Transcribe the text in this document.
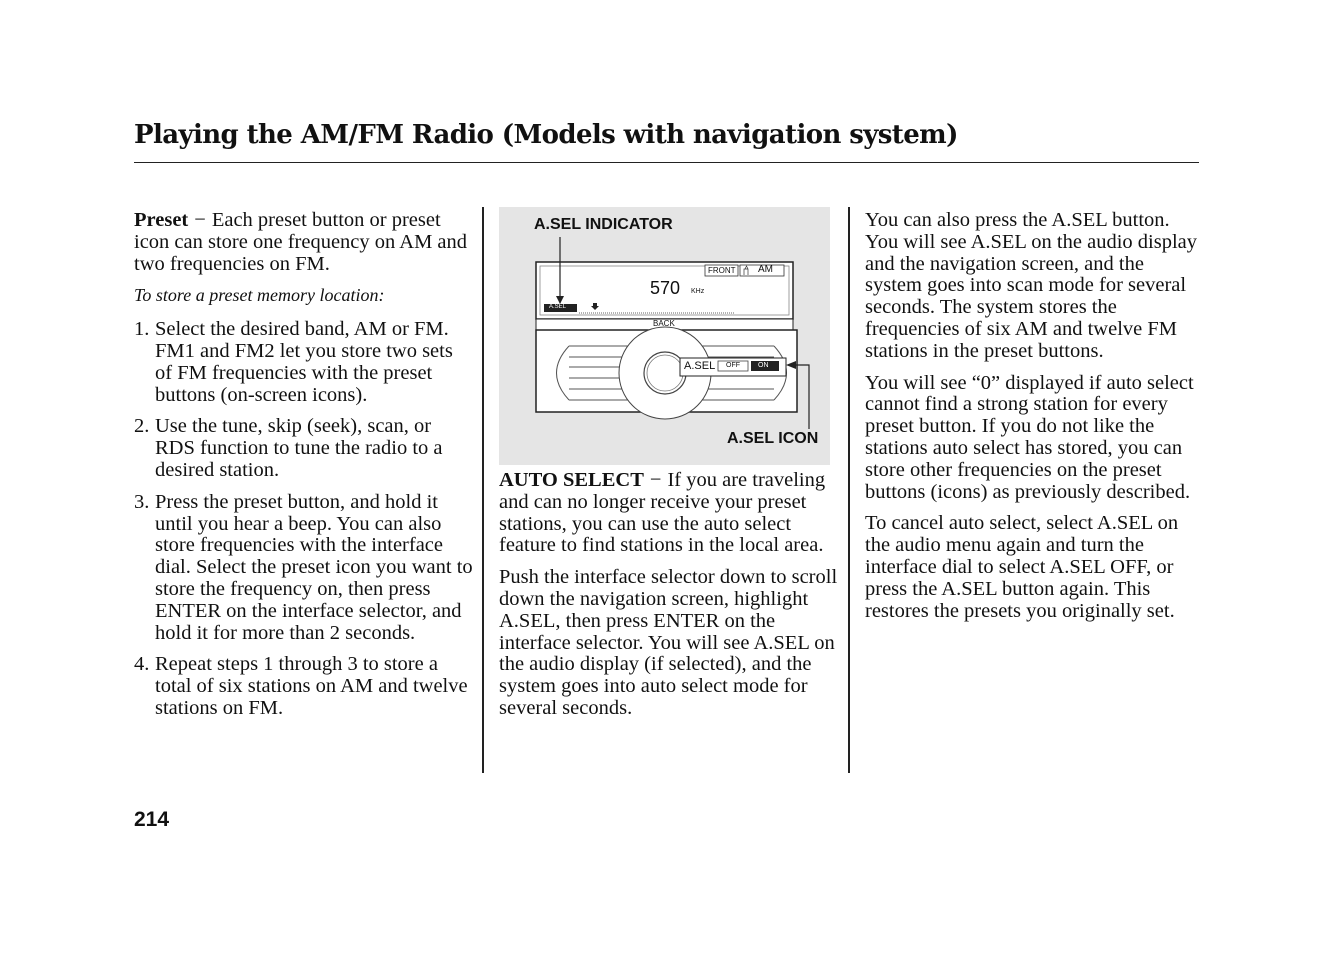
Playing the AM/FM Radio (Models with navigation system)

Preset − Each preset button or preset icon can store one frequency on AM and two frequencies on FM.

To store a preset memory location:

1. Select the desired band, AM or FM. FM1 and FM2 let you store two sets of FM frequencies with the preset buttons (on-screen icons).
2. Use the tune, skip (seek), scan, or RDS function to tune the radio to a desired station.
3. Press the preset button, and hold it until you hear a beep. You can also store frequencies with the interface dial. Select the preset icon you want to store the frequency on, then press ENTER on the interface selector, and hold it for more than 2 seconds.
4. Repeat steps 1 through 3 to store a total of six stations on AM and twelve stations on FM.
A.SEL INDICATOR
A.SEL ICON
570 KHz
FRONT AM
A.SEL
BACK
A.SEL OFF	ON

AUTO SELECT − If you are traveling and can no longer receive your preset stations, you can use the auto select feature to find stations in the local area.

Push the interface selector down to scroll down the navigation screen, highlight A.SEL, then press ENTER on the interface selector. You will see A.SEL on the audio display (if selected), and the system goes into auto select mode for several seconds.

You can also press the A.SEL button. You will see A.SEL on the audio display and the navigation screen, and the system goes into scan mode for several seconds. The system stores the frequencies of six AM and twelve FM stations in the preset buttons.

You will see “0” displayed if auto select cannot find a strong station for every preset button. If you do not like the stations auto select has stored, you can store other frequencies on the preset buttons (icons) as previously described.

To cancel auto select, select A.SEL on the audio menu again and turn the interface dial to select A.SEL OFF, or press the A.SEL button again. This restores the presets you originally set.

214
